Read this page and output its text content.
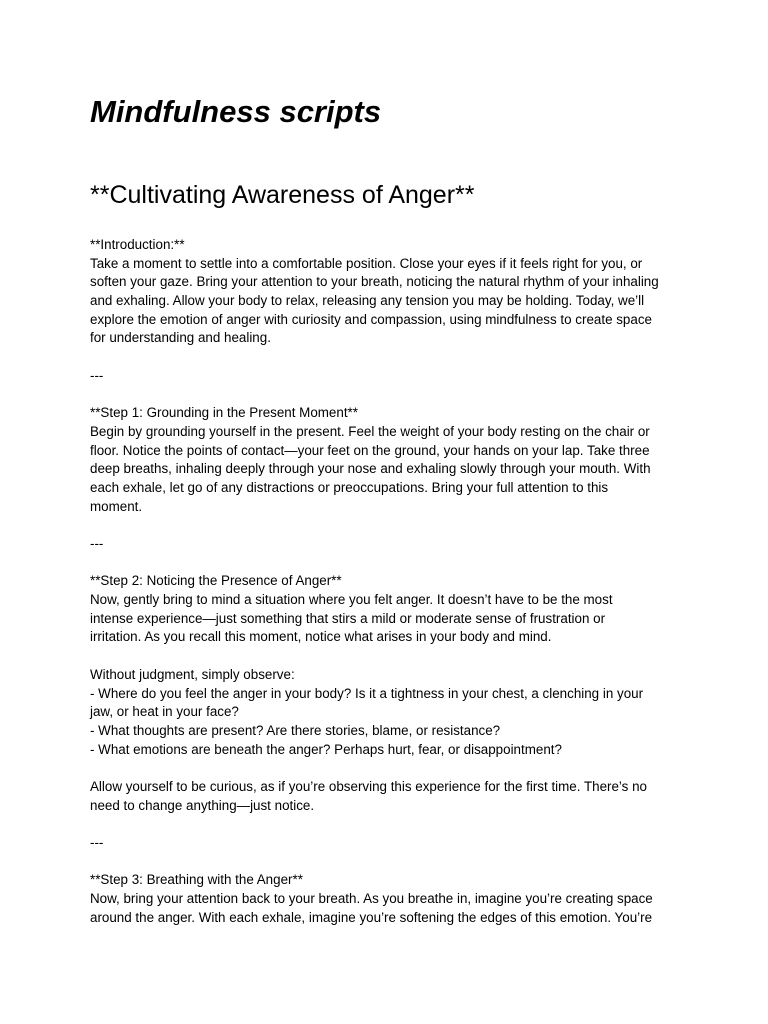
Mindfulness scripts
**Cultivating Awareness of Anger**
**Introduction:**
Take a moment to settle into a comfortable position. Close your eyes if it feels right for you, or
soften your gaze. Bring your attention to your breath, noticing the natural rhythm of your inhaling
and exhaling. Allow your body to relax, releasing any tension you may be holding. Today, we’ll
explore the emotion of anger with curiosity and compassion, using mindfulness to create space
for understanding and healing.
---
**Step 1: Grounding in the Present Moment**
Begin by grounding yourself in the present. Feel the weight of your body resting on the chair or
floor. Notice the points of contact—your feet on the ground, your hands on your lap. Take three
deep breaths, inhaling deeply through your nose and exhaling slowly through your mouth. With
each exhale, let go of any distractions or preoccupations. Bring your full attention to this
moment.
---
**Step 2: Noticing the Presence of Anger**
Now, gently bring to mind a situation where you felt anger. It doesn’t have to be the most
intense experience—just something that stirs a mild or moderate sense of frustration or
irritation. As you recall this moment, notice what arises in your body and mind.
Without judgment, simply observe:
- Where do you feel the anger in your body? Is it a tightness in your chest, a clenching in your
jaw, or heat in your face?
- What thoughts are present? Are there stories, blame, or resistance?
- What emotions are beneath the anger? Perhaps hurt, fear, or disappointment?
Allow yourself to be curious, as if you’re observing this experience for the first time. There’s no
need to change anything—just notice.
---
**Step 3: Breathing with the Anger**
Now, bring your attention back to your breath. As you breathe in, imagine you’re creating space
around the anger. With each exhale, imagine you’re softening the edges of this emotion. You’re
